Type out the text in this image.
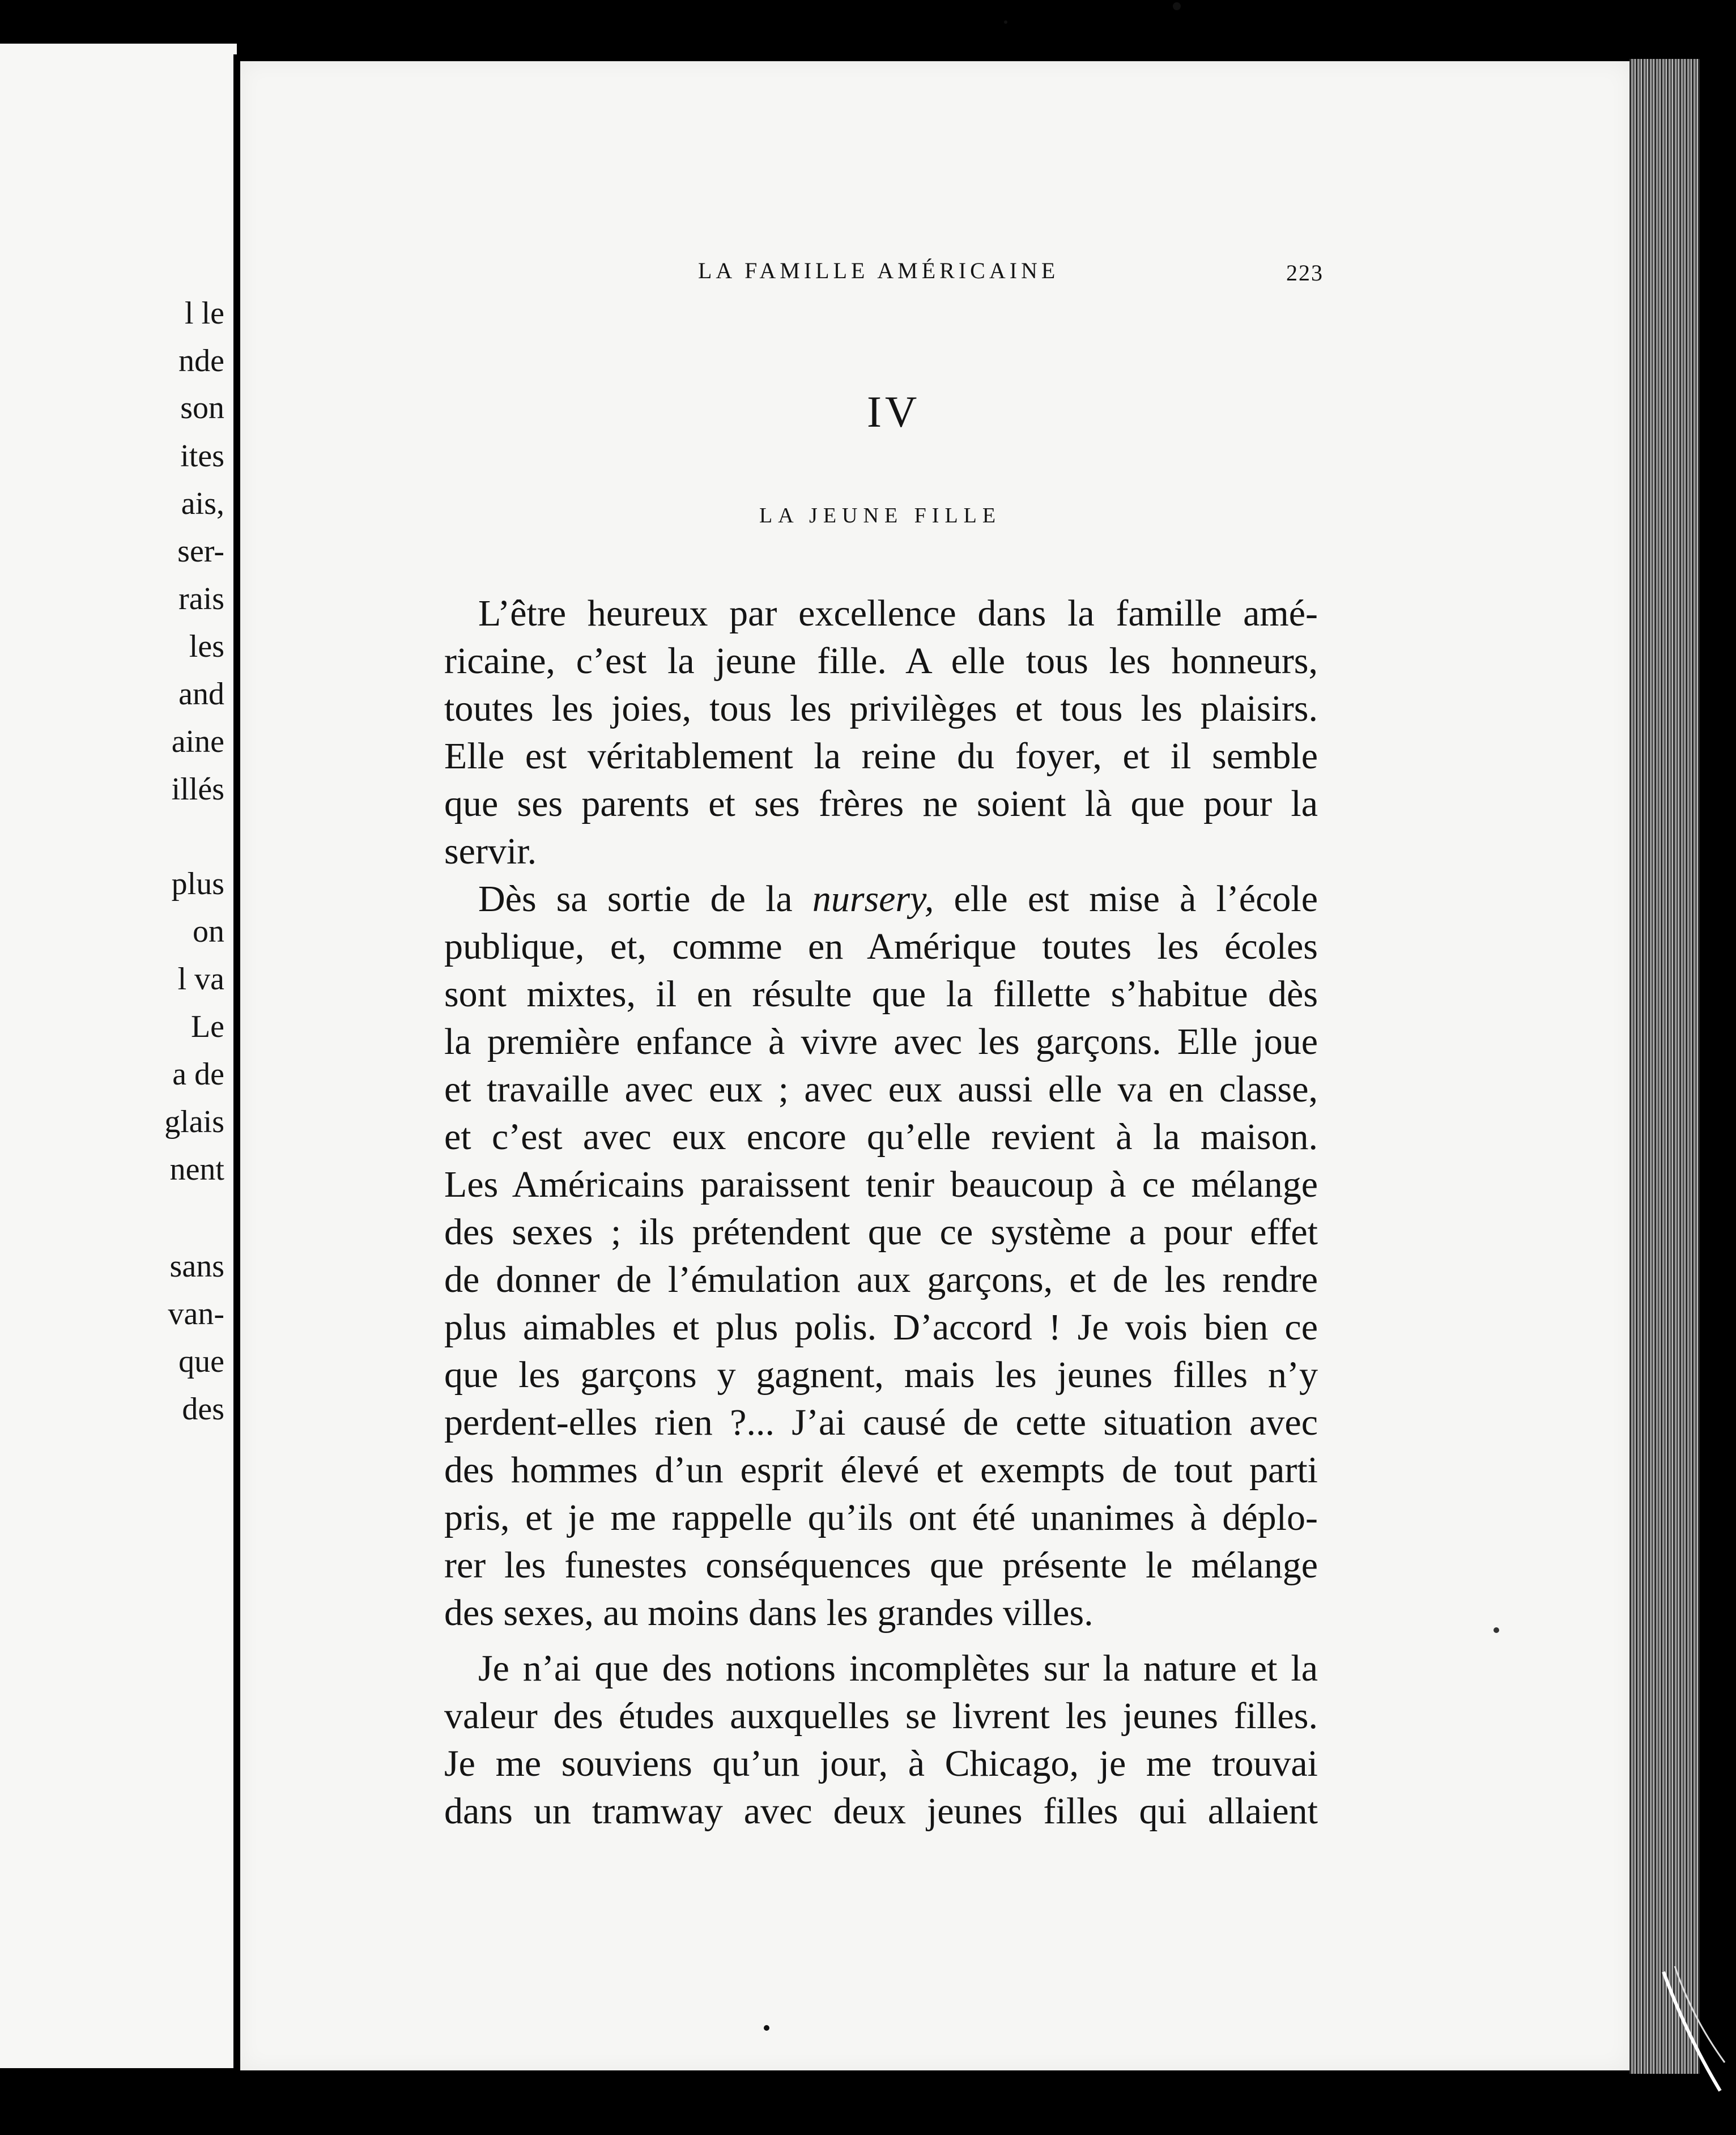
l le

nde

son

ites

ais,

ser-

rais

les

and

aine

illés

plus

on

l va

Le

a de

glais

nent

sans

van-

que

des

LA FAMILLE AMÉRICAINE	223
IV
LA JEUNE FILLE

L’être heureux par excellence dans la famille amé-

ricaine, c’est la jeune fille. A elle tous les honneurs,

toutes les joies, tous les privilèges et tous les plaisirs.

Elle est véritablement la reine du foyer, et il semble

que ses parents et ses frères ne soient là que pour la

servir.

Dès sa sortie de la nursery, elle est mise à l’école

publique, et, comme en Amérique toutes les écoles

sont mixtes, il en résulte que la fillette s’habitue dès

la première enfance à vivre avec les garçons. Elle joue

et travaille avec eux ; avec eux aussi elle va en classe,

et c’est avec eux encore qu’elle revient à la maison.

Les Américains paraissent tenir beaucoup à ce mélange

des sexes ; ils prétendent que ce système a pour effet

de donner de l’émulation aux garçons, et de les rendre

plus aimables et plus polis. D’accord ! Je vois bien ce

que les garçons y gagnent, mais les jeunes filles n’y

perdent-elles rien ?... J’ai causé de cette situation avec

des hommes d’un esprit élevé et exempts de tout parti

pris, et je me rappelle qu’ils ont été unanimes à déplo-

rer les funestes conséquences que présente le mélange

des sexes, au moins dans les grandes villes.

Je n’ai que des notions incomplètes sur la nature et la

valeur des études auxquelles se livrent les jeunes filles.

Je me souviens qu’un jour, à Chicago, je me trouvai

dans un tramway avec deux jeunes filles qui allaient
